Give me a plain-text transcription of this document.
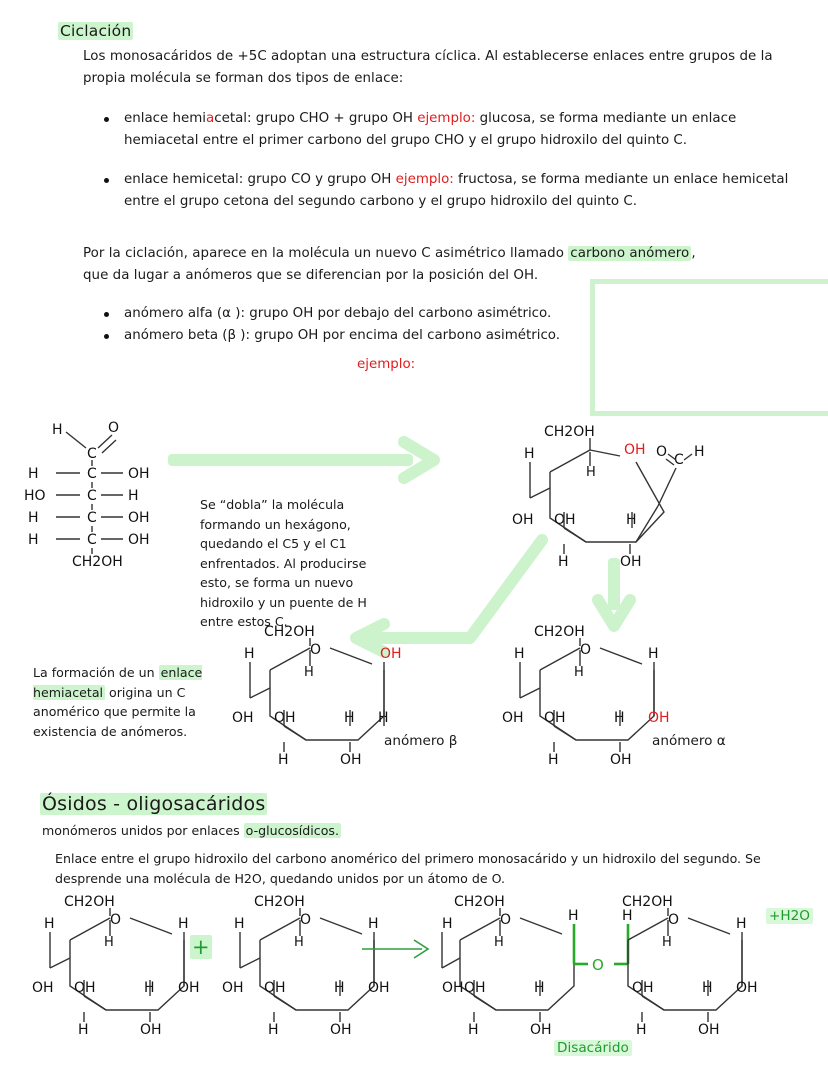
Ciclación
Los monosacáridos de +5C adoptan una estructura cíclica. Al establecerse enlaces entre grupos de la propia molécula se forman dos tipos de enlace:
enlace hemiacetal: grupo CHO + grupo OH ejemplo: glucosa, se forma mediante un enlace hemiacetal entre el primer carbono del grupo CHO y el grupo hidroxilo del quinto C.
enlace hemicetal: grupo CO y grupo OH ejemplo: fructosa, se forma mediante un enlace hemicetal entre el grupo cetona del segundo carbono y el grupo hidroxilo del quinto C.
Por la ciclación, aparece en la molécula un nuevo C asimétrico llamado carbono anómero , que da lugar a anómeros que se diferencian por la posición del OH.
anómero alfa (α ): grupo OH por debajo del carbono asimétrico.
anómero beta (β ): grupo OH por encima del carbono asimétrico.
ejemplo:
H	O
C
H	C OH
HO	C H
H	C OH
H	C OH
CH2OH
Se “dobla” la molécula formando un hexágono, quedando el C5 y el C1 enfrentados. Al producirse esto, se forma un nuevo hidroxilo y un puente de H entre estos C.
CH2OH
OH O C H
H
H
OH OH	H
H	OH
La formación de un enlace hemiacetal origina un C anomérico que permite la existencia de anómeros.
O
CH2OH
OH
H
H
OH OH	H H
H	OH
anómero β
O
CH2OH
H
OH
H
H
OH OH	H
H	OH
anómero α
Ósidos - oligosacáridos
monómeros unidos por enlaces o-glucosídicos.
Enlace entre el grupo hidroxilo del carbono anomérico del primero monosacárido y un hidroxilo del segundo. Se desprende una molécula de H2O, quedando unidos por un átomo de O.
O
CH2OH
H
OH
H
H
OH OH	H
H	OH
+
O
CH2OH
H
OH
H
H
OH OH	H
H	OH
O
CH2OH
H
H
OH OH	H
H	OH
O
H	H	O
CH2OH
H
OH	H
H
OH
H	OH
+H2O
Disacárido
